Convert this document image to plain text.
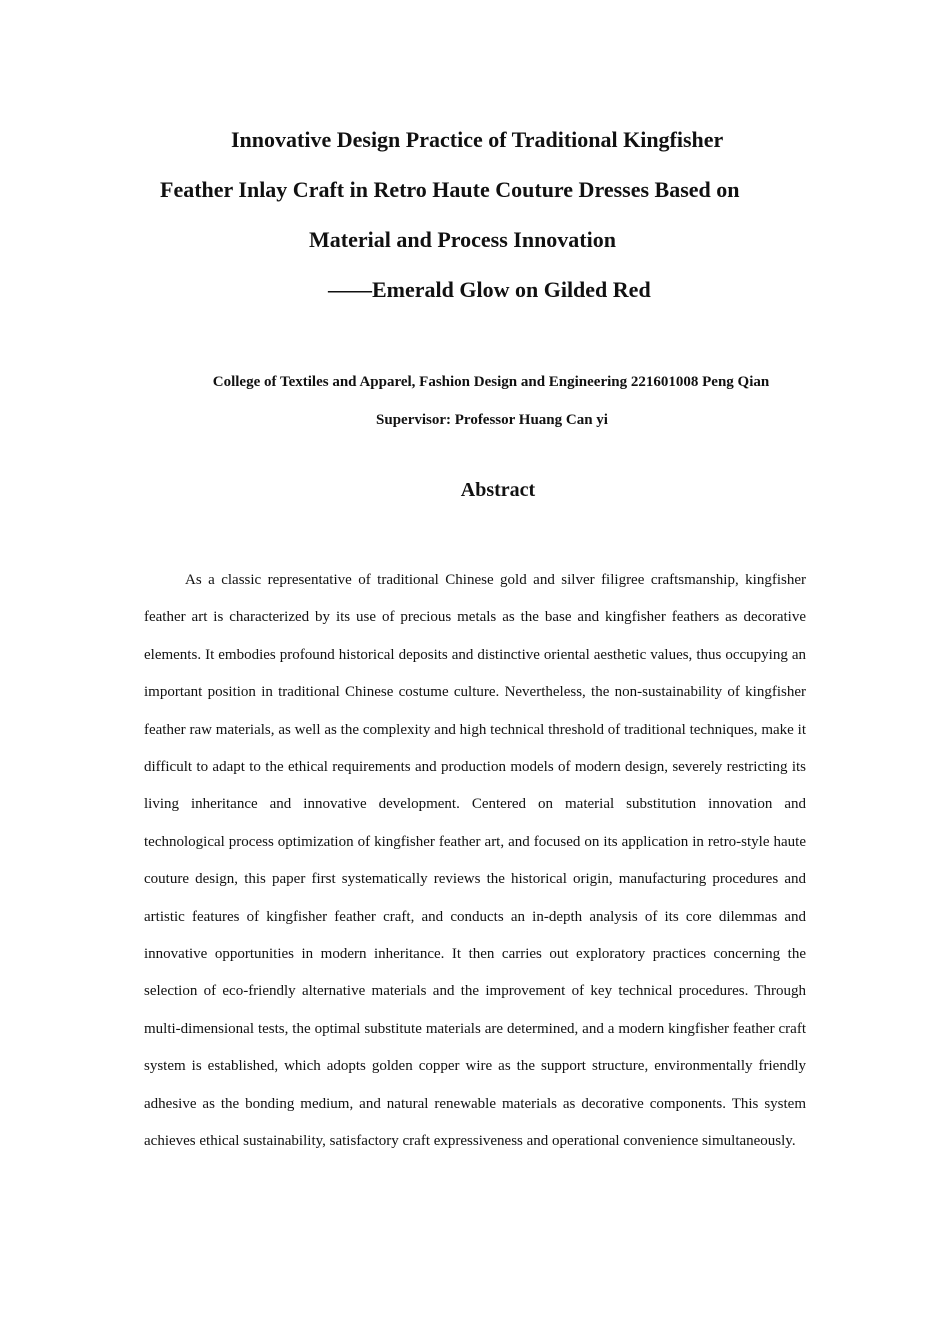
Innovative Design Practice of Traditional Kingfisher
Feather Inlay Craft in Retro Haute Couture Dresses Based on
Material and Process Innovation
——Emerald Glow on Gilded Red
College of Textiles and Apparel, Fashion Design and Engineering 221601008 Peng Qian
Supervisor: Professor Huang Can yi
Abstract

As a classic representative of traditional Chinese gold and silver filigree craftsmanship, kingfisher feather art is characterized by its use of precious metals as the base and kingfisher feathers as decorative elements. It embodies profound historical deposits and distinctive oriental aesthetic values, thus occupying an important position in traditional Chinese costume culture. Nevertheless, the non-sustainability of kingfisher feather raw materials, as well as the complexity and high technical threshold of traditional techniques, make it difficult to adapt to the ethical requirements and production models of modern design, severely restricting its living inheritance and innovative development. Centered on material substitution innovation and technological process optimization of kingfisher feather art, and focused on its application in retro-style haute couture design, this paper first systematically reviews the historical origin, manufacturing procedures and artistic features of kingfisher feather craft, and conducts an in-depth analysis of its core dilemmas and innovative opportunities in modern inheritance. It then carries out exploratory practices concerning the selection of eco-friendly alternative materials and the improvement of key technical procedures. Through multi-dimensional tests, the optimal substitute materials are determined, and a modern kingfisher feather craft system is established, which adopts golden copper wire as the support structure, environmentally friendly adhesive as the bonding medium, and natural renewable materials as decorative components. This system achieves ethical sustainability, satisfactory craft expressiveness and operational convenience simultaneously.
